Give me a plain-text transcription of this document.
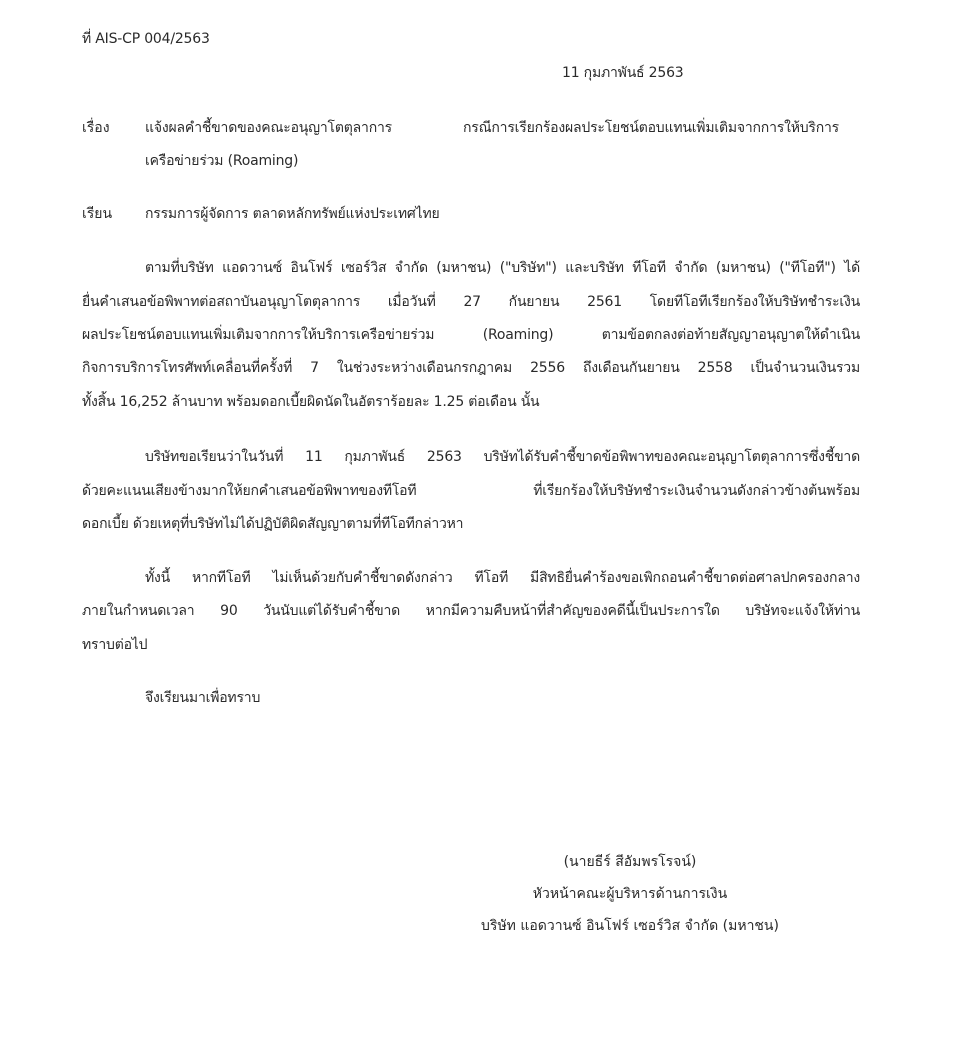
ที่ AIS-CP 004/2563
11 กุมภาพันธ์ 2563
เรื่อง	แจ้งผลคำชี้ขาดของคณะอนุญาโตตุลาการ กรณีการเรียกร้องผลประโยชน์ตอบแทนเพิ่มเติมจากการให้บริการ
เครือข่ายร่วม (Roaming)
เรียน กรรมการผู้จัดการ ตลาดหลักทรัพย์แห่งประเทศไทย
ตามที่บริษัท แอดวานซ์ อินโฟร์ เซอร์วิส จำกัด (มหาชน) ("บริษัท") และบริษัท ทีโอที จำกัด (มหาชน) ("ทีโอที") ได้
ยื่นคำเสนอข้อพิพาทต่อสถาบันอนุญาโตตุลาการ เมื่อวันที่ 27 กันยายน 2561 โดยทีโอทีเรียกร้องให้บริษัทชำระเงิน
ผลประโยชน์ตอบแทนเพิ่มเติมจากการให้บริการเครือข่ายร่วม (Roaming) ตามข้อตกลงต่อท้ายสัญญาอนุญาตให้ดำเนิน
กิจการบริการโทรศัพท์เคลื่อนที่ครั้งที่ 7 ในช่วงระหว่างเดือนกรกฎาคม 2556 ถึงเดือนกันยายน 2558 เป็นจำนวนเงินรวม
ทั้งสิ้น 16,252 ล้านบาท พร้อมดอกเบี้ยผิดนัดในอัตราร้อยละ 1.25 ต่อเดือน นั้น
บริษัทขอเรียนว่าในวันที่ 11 กุมภาพันธ์ 2563 บริษัทได้รับคำชี้ขาดข้อพิพาทของคณะอนุญาโตตุลาการซึ่งชี้ขาด
ด้วยคะแนนเสียงข้างมากให้ยกคำเสนอข้อพิพาทของทีโอที ที่เรียกร้องให้บริษัทชำระเงินจำนวนดังกล่าวข้างต้นพร้อม
ดอกเบี้ย ด้วยเหตุที่บริษัทไม่ได้ปฏิบัติผิดสัญญาตามที่ทีโอทีกล่าวหา
ทั้งนี้ หากทีโอที ไม่เห็นด้วยกับคำชี้ขาดดังกล่าว ทีโอที มีสิทธิยื่นคำร้องขอเพิกถอนคำชี้ขาดต่อศาลปกครองกลาง
ภายในกำหนดเวลา 90 วันนับแต่ได้รับคำชี้ขาด หากมีความคืบหน้าที่สำคัญของคดีนี้เป็นประการใด บริษัทจะแจ้งให้ท่าน
ทราบต่อไป
จึงเรียนมาเพื่อทราบ
(นายธีร์ สีอัมพรโรจน์)
หัวหน้าคณะผู้บริหารด้านการเงิน
บริษัท แอดวานซ์ อินโฟร์ เซอร์วิส จำกัด (มหาชน)
